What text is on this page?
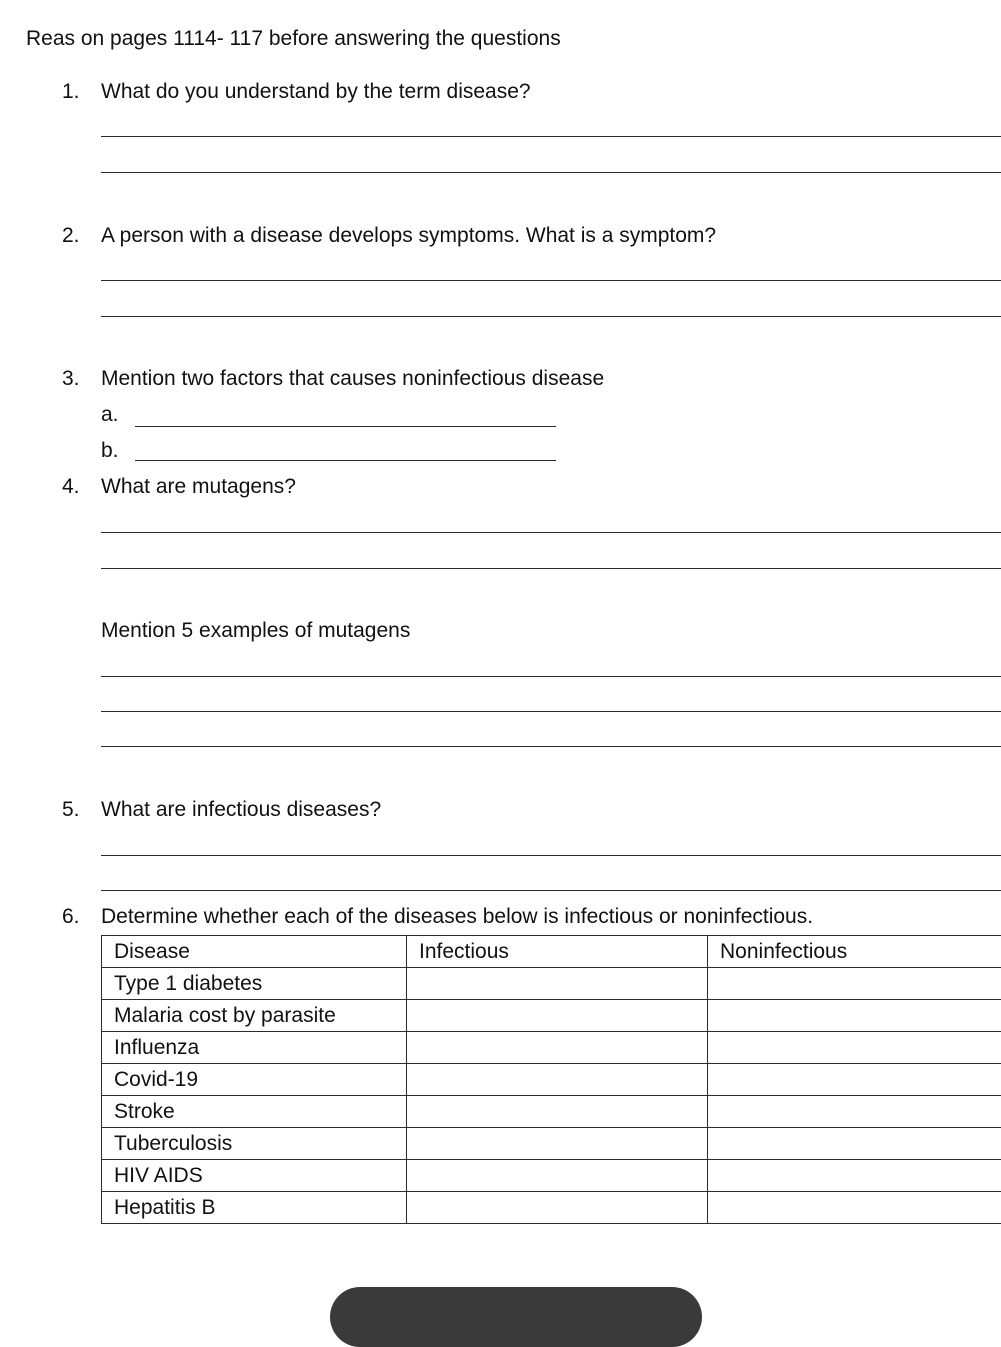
Reas on pages 1114- 117 before answering the questions
1. What do you understand by the term disease?
2. A person with a disease develops symptoms. What is a symptom?
3. Mention two factors that causes noninfectious disease
a.
b.
4. What are mutagens?
Mention 5 examples of mutagens
5. What are infectious diseases?
6. Determine whether each of the diseases below is infectious or noninfectious.
Disease	Infectious	Noninfectious
Type 1 diabetes		
Malaria cost by parasite		
Influenza		
Covid-19		
Stroke		
Tuberculosis		
HIV AIDS		
Hepatitis B		
